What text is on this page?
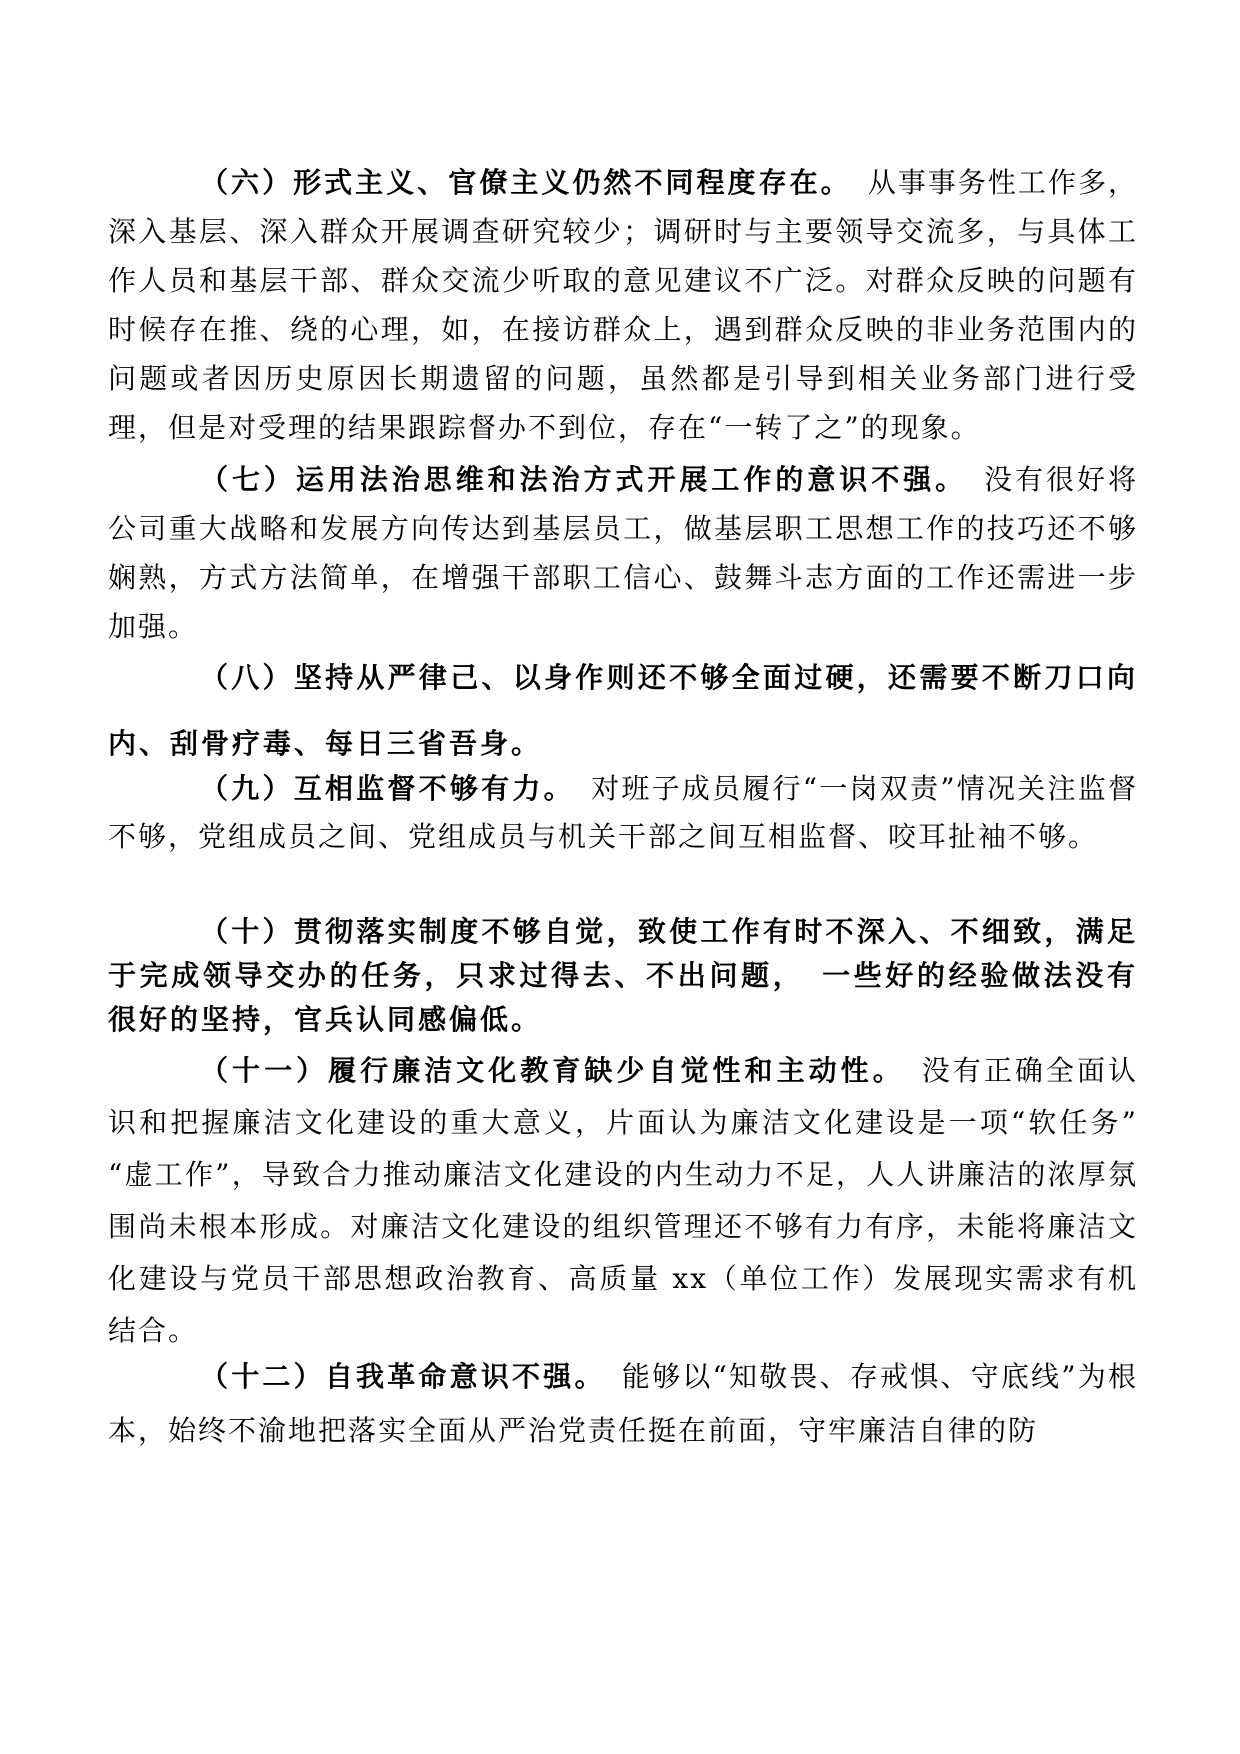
（六）形式主义、官僚主义仍然不同程度存在。　 从事事务性工作多，深入基层、深入群众开展调查研究较少；调研时与主要领导交流多，与具体工作人员和基层干部、群众交流少听取的意见建议不广泛。对群众反映的问题有时候存在推、绕的心理，如，在接访群众上，遇到群众反映的非业务范围内的问题或者因历史原因长期遗留的问题，虽然都是引导到相关业务部门进行受理，但是对受理的结果跟踪督办不到位，存在“一转了之”的现象。

（七）运用法治思维和法治方式开展工作的意识不强。　 没有很好将公司重大战略和发展方向传达到基层员工，做基层职工思想工作的技巧还不够娴熟，方式方法简单，在增强干部职工信心、鼓舞斗志方面的工作还需进一步加强。

（八）坚持从严律己、以身作则还不够全面过硬，还需要不断刀口向内、刮骨疗毒、每日三省吾身。

（九）互相监督不够有力。　 对班子成员履行“一岗双责”情况关注监督不够，党组成员之间、党组成员与机关干部之间互相监督、咬耳扯袖不够。

（十）贯彻落实制度不够自觉，致使工作有时不深入、不细致，满足于完成领导交办的任务，只求过得去、不出问题，　一些好的经验做法没有很好的坚持，官兵认同感偏低。

（十一）履行廉洁文化教育缺少自觉性和主动性。　 没有正确全面认识和把握廉洁文化建设的重大意义，片面认为廉洁文化建设是一项“软任务” “虚工作”，导致合力推动廉洁文化建设的内生动力不足，人人讲廉洁的浓厚氛围尚未根本形成。对廉洁文化建设的组织管理还不够有力有序，未能将廉洁文化建设与党员干部思想政治教育、高质量 xx（单位工作）发展现实需求有机结合。

（十二）自我革命意识不强。　 能够以“知敬畏、存戒惧、守底线”为根本，始终不渝地把落实全面从严治党责任挺在前面，守牢廉洁自律的防
